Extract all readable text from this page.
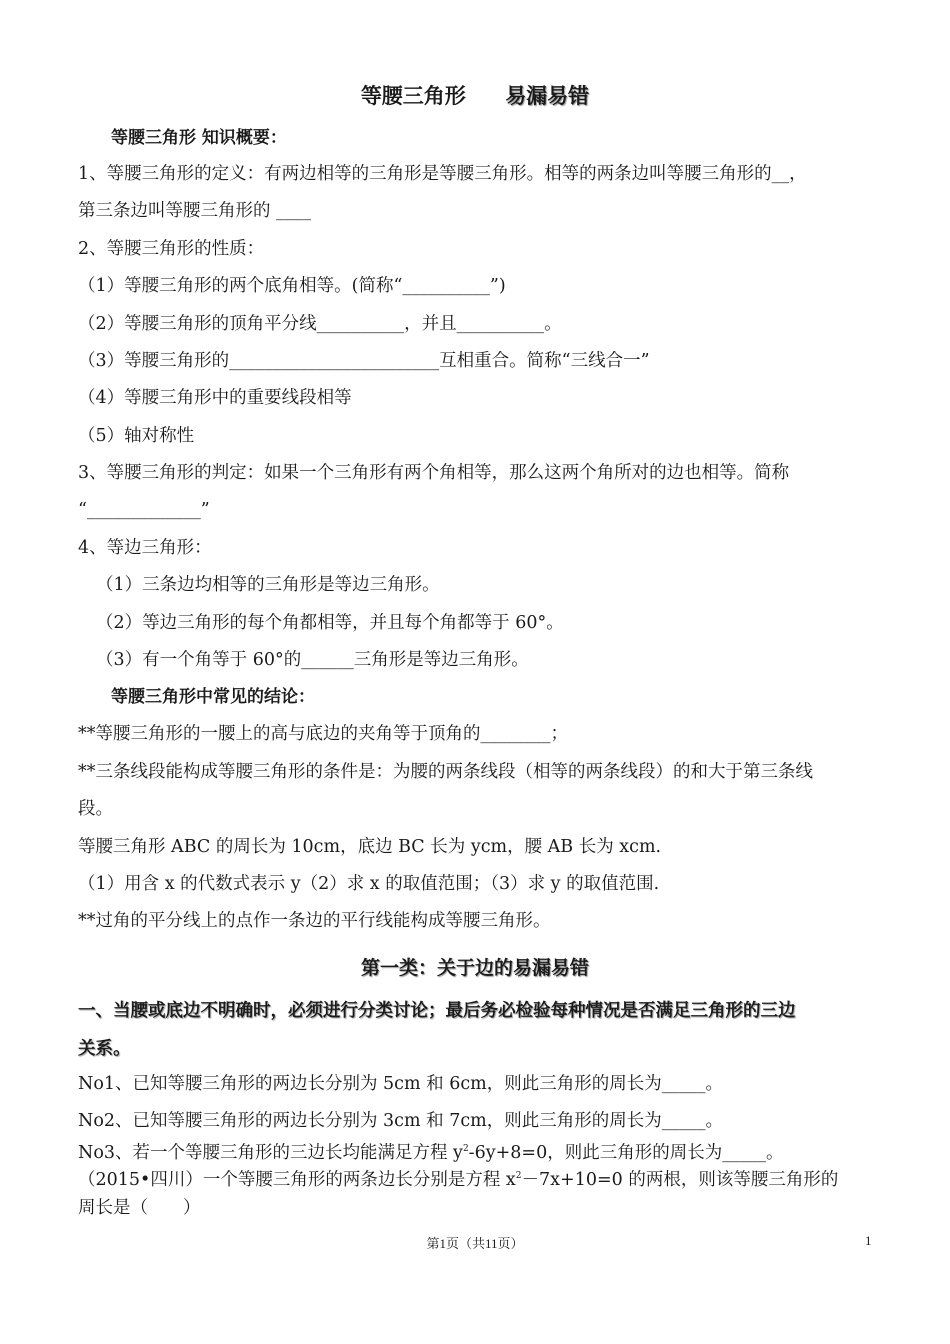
等腰三角形 易漏易错
等腰三角形 知识概要：
1、等腰三角形的定义：有两边相等的三角形是等腰三角形。相等的两条边叫等腰三角形的__，
第三条边叫等腰三角形的 ____
2、等腰三角形的性质：
（1）等腰三角形的两个底角相等。(简称“__________”)
（2）等腰三角形的顶角平分线__________，并且__________。
（3）等腰三角形的________________________互相重合。简称“三线合一”
（4）等腰三角形中的重要线段相等
（5）轴对称性
3、等腰三角形的判定：如果一个三角形有两个角相等，那么这两个角所对的边也相等。简称
“_____________”
4、等边三角形：
（1）三条边均相等的三角形是等边三角形。
（2）等边三角形的每个角都相等，并且每个角都等于 60°。
（3）有一个角等于 60°的______三角形是等边三角形。
等腰三角形中常见的结论：
**等腰三角形的一腰上的高与底边的夹角等于顶角的________；
**三条线段能构成等腰三角形的条件是：为腰的两条线段（相等的两条线段）的和大于第三条线
段。
等腰三角形 ABC 的周长为 10cm，底边 BC 长为 ycm，腰 AB 长为 xcm.
（1）用含 x 的代数式表示 y（2）求 x 的取值范围；（3）求 y 的取值范围.
**过角的平分线上的点作一条边的平行线能构成等腰三角形。
第一类：关于边的易漏易错
一、当腰或底边不明确时，必须进行分类讨论；最后务必检验每种情况是否满足三角形的三边
关系。
No1、已知等腰三角形的两边长分别为 5cm 和 6cm，则此三角形的周长为_____。
No2、已知等腰三角形的两边长分别为 3cm 和 7cm，则此三角形的周长为_____。
No3、若一个等腰三角形的三边长均能满足方程 $y^2-6y+8=0$，则此三角形的周长为_____。
（2015•四川）一个等腰三角形的两条边长分别是方程 $x^2-7x+10=0$ 的两根，则该等腰三角形的
周长是（　　）
第1页（共11页）	1
